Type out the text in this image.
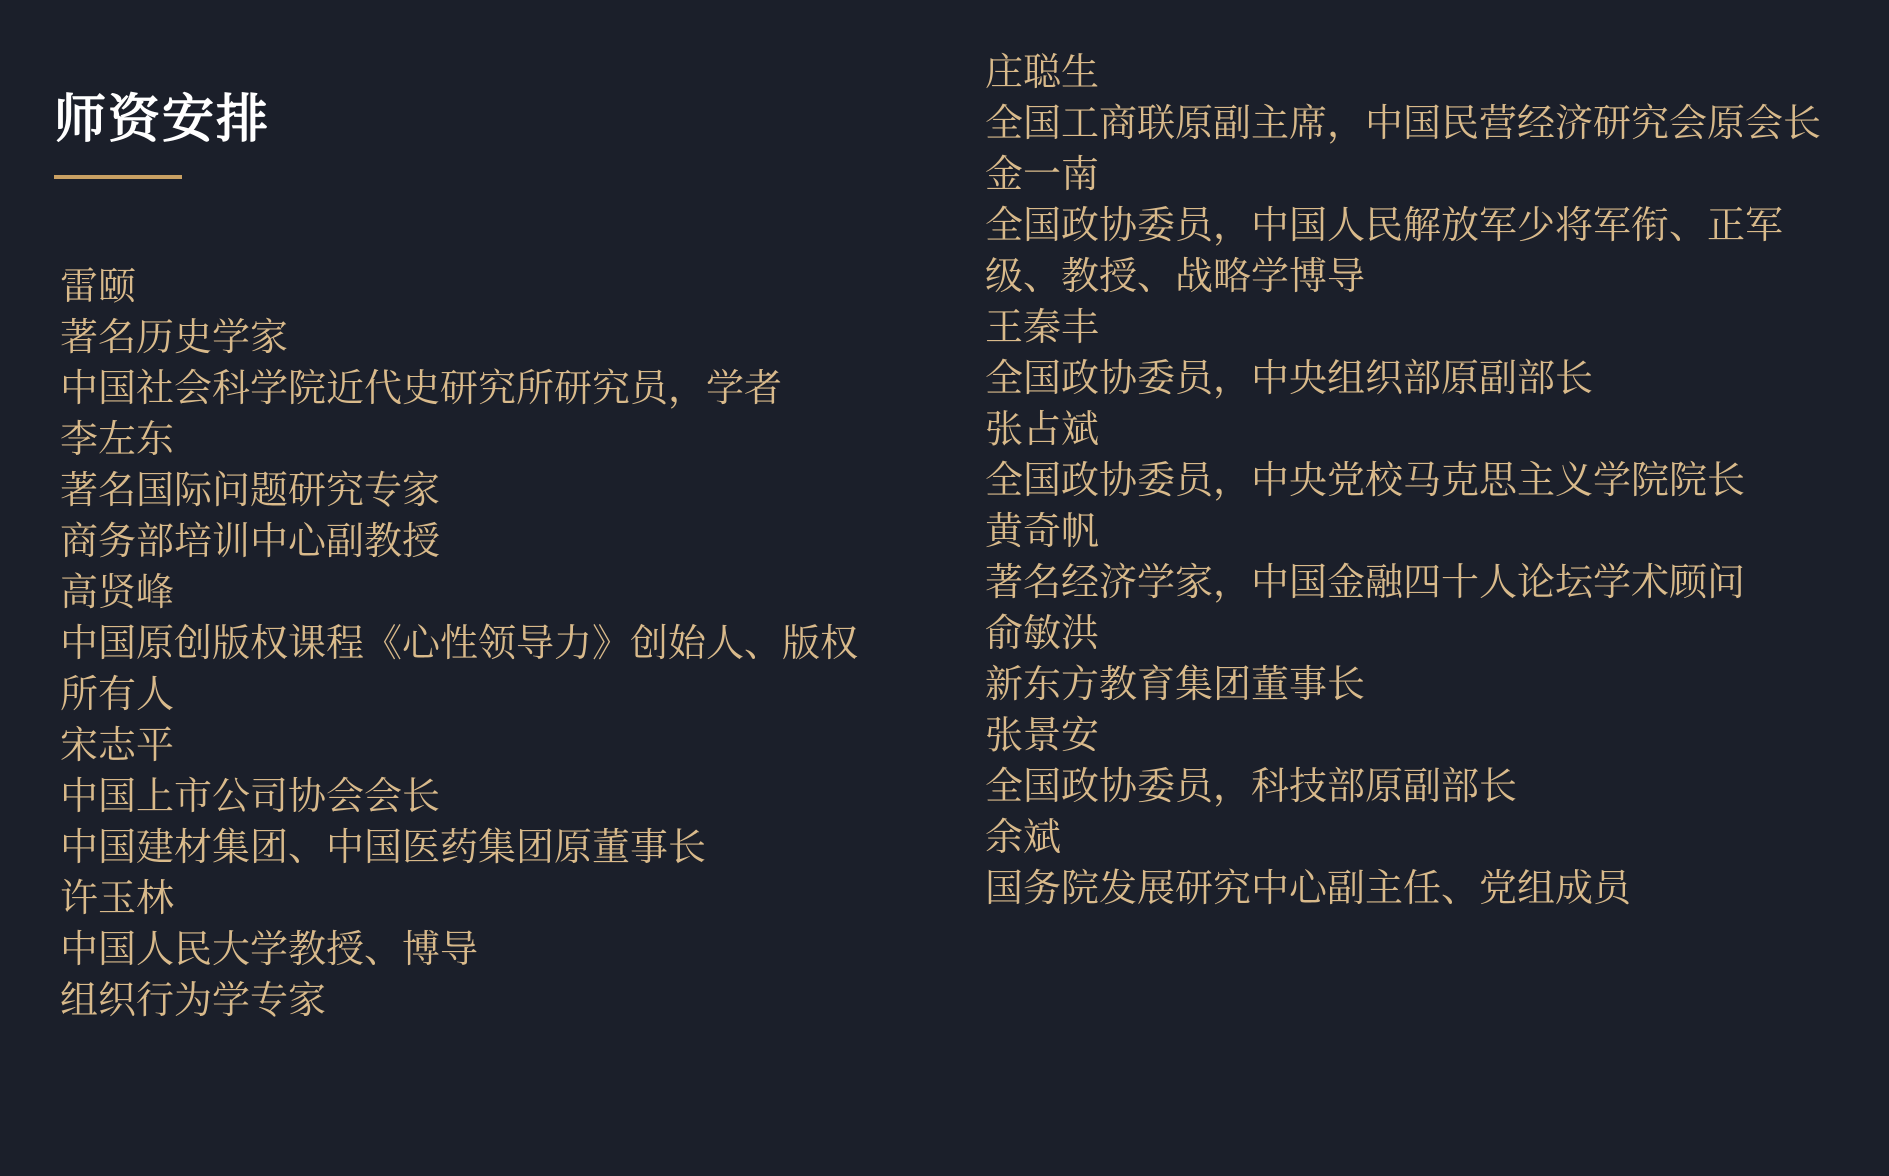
师资安排
雷颐
著名历史学家
中国社会科学院近代史研究所研究员，学者
李左东
著名国际问题研究专家
商务部培训中心副教授
高贤峰
中国原创版权课程《心性领导力》创始人、版权所有人
宋志平
中国上市公司协会会长
中国建材集团、中国医药集团原董事长
许玉林
中国人民大学教授、博导
组织行为学专家
庄聪生
全国工商联原副主席，中国民营经济研究会原会长
金一南
全国政协委员，中国人民解放军少将军衔、正军级、教授、战略学博导
王秦丰
全国政协委员，中央组织部原副部长
张占斌
全国政协委员，中央党校马克思主义学院院长
黄奇帆
著名经济学家，中国金融四十人论坛学术顾问
俞敏洪
新东方教育集团董事长
张景安
全国政协委员，科技部原副部长
余斌
国务院发展研究中心副主任、党组成员
